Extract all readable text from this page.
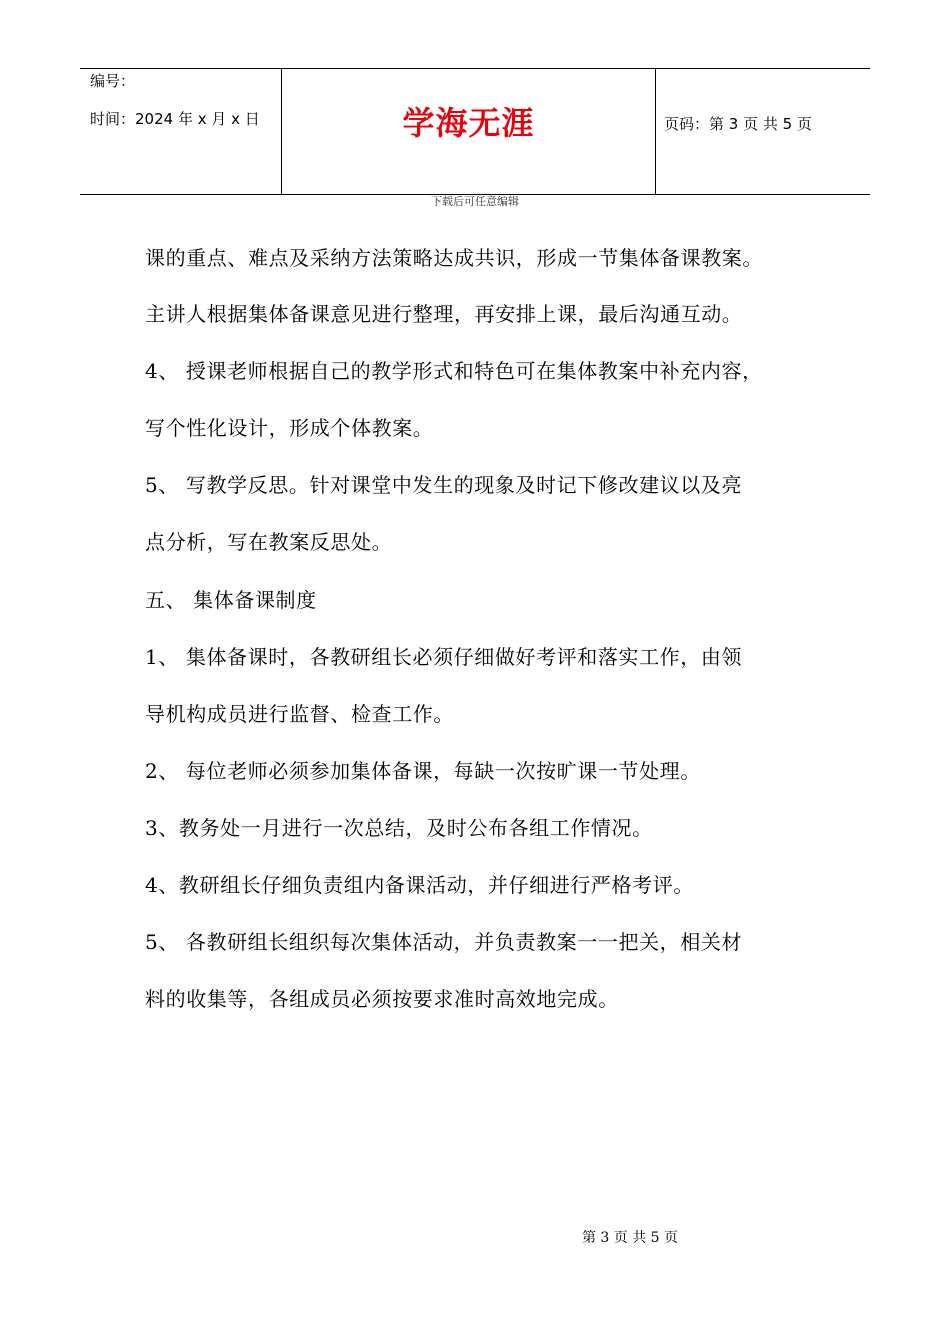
编号：
时间：2024 年 x 月 x 日	学海无涯	页码：第 3 页 共 5 页
下载后可任意编辑
课的重点、难点及采纳方法策略达成共识，形成一节集体备课教案。
主讲人根据集体备课意见进行整理，再安排上课，最后沟通互动。
4、 授课老师根据自己的教学形式和特色可在集体教案中补充内容，
写个性化设计，形成个体教案。
5、 写教学反思。针对课堂中发生的现象及时记下修改建议以及亮
点分析，写在教案反思处。
五、 集体备课制度
1、 集体备课时，各教研组长必须仔细做好考评和落实工作，由领
导机构成员进行监督、检查工作。
2、 每位老师必须参加集体备课，每缺一次按旷课一节处理。
3、教务处一月进行一次总结，及时公布各组工作情况。
4、教研组长仔细负责组内备课活动，并仔细进行严格考评。
5、 各教研组长组织每次集体活动，并负责教案一一把关，相关材
料的收集等，各组成员必须按要求准时高效地完成。
第 3 页 共 5 页
